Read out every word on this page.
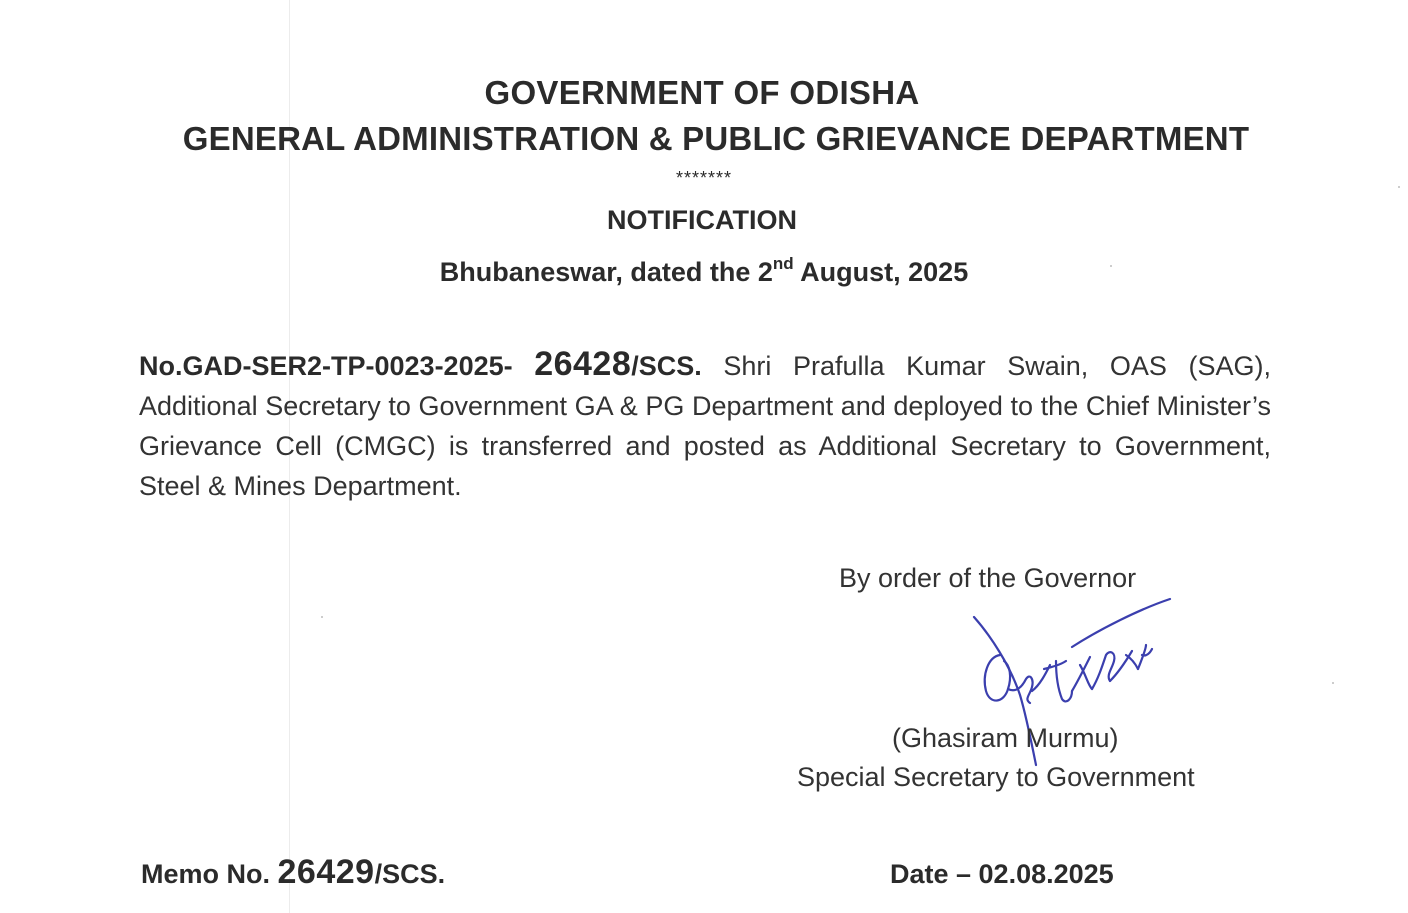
GOVERNMENT OF ODISHA
GENERAL ADMINISTRATION & PUBLIC GRIEVANCE DEPARTMENT
*******
NOTIFICATION
Bhubaneswar, dated the 2nd August, 2025
No.GAD-SER2-TP-0023-2025- 26428/SCS. Shri Prafulla Kumar Swain, OAS (SAG), Additional Secretary to Government GA & PG Department and deployed to the Chief Minister’s Grievance Cell (CMGC) is transferred and posted as Additional Secretary to Government, Steel & Mines Department.
By order of the Governor
(Ghasiram Murmu)
Special Secretary to Government
Memo No. 26429/SCS.	Date – 02.08.2025
